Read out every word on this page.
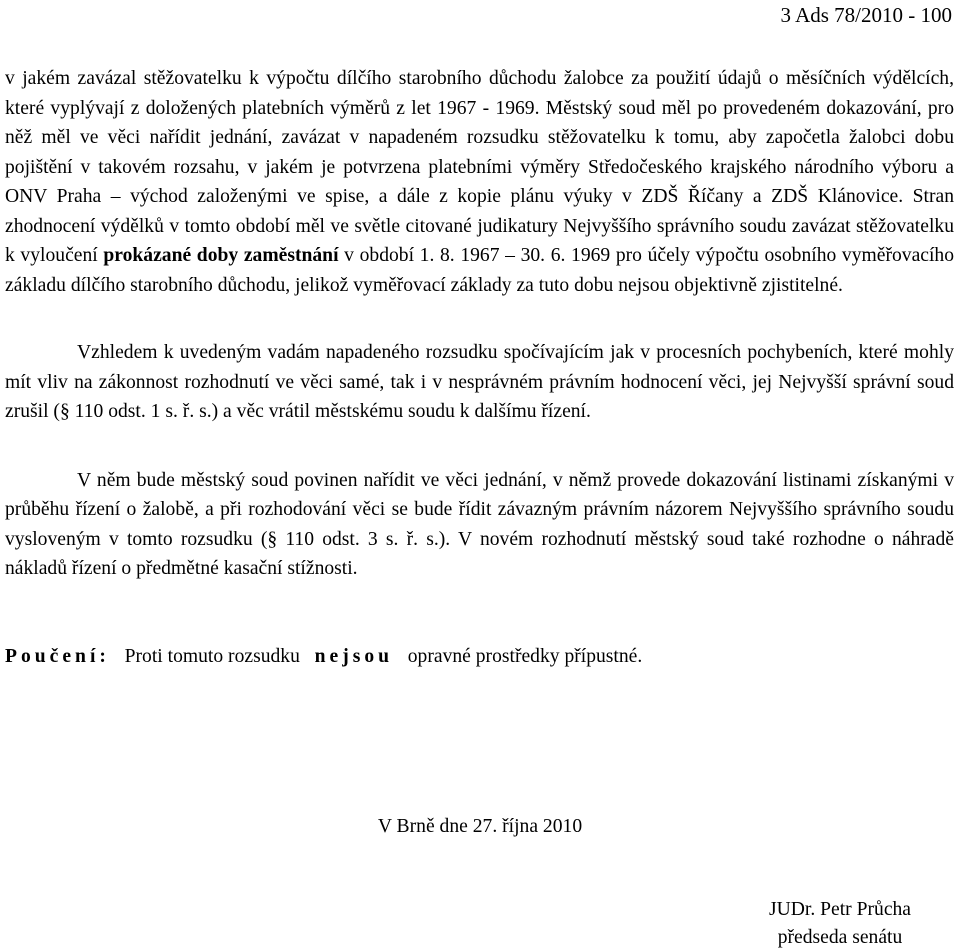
3 Ads 78/2010 - 100

v jakém zavázal stěžovatelku k výpočtu dílčího starobního důchodu žalobce za použití údajů o měsíčních výdělcích, které vyplývají z doložených platebních výměrů z let 1967 - 1969. Městský soud měl po provedeném dokazování, pro něž měl ve věci nařídit jednání, zavázat v napadeném rozsudku stěžovatelku k tomu, aby započetla žalobci dobu pojištění v takovém rozsahu, v jakém je potvrzena platebními výměry Středočeského krajského národního výboru a ONV Praha – východ založenými ve spise, a dále z kopie plánu výuky v ZDŠ Říčany a ZDŠ Klánovice. Stran zhodnocení výdělků v tomto období měl ve světle citované judikatury Nejvyššího správního soudu zavázat stěžovatelku k vyloučení prokázané doby zaměstnání v období 1. 8. 1967 – 30. 6. 1969 pro účely výpočtu osobního vyměřovacího základu dílčího starobního důchodu, jelikož vyměřovací základy za tuto dobu nejsou objektivně zjistitelné.

Vzhledem k uvedeným vadám napadeného rozsudku spočívajícím jak v procesních pochybeních, které mohly mít vliv na zákonnost rozhodnutí ve věci samé, tak i v nesprávném právním hodnocení věci, jej Nejvyšší správní soud zrušil (§ 110 odst. 1 s. ř. s.) a věc vrátil městskému soudu k dalšímu řízení.

V něm bude městský soud povinen nařídit ve věci jednání, v němž provede dokazování listinami získanými v průběhu řízení o žalobě, a při rozhodování věci se bude řídit závazným právním názorem Nejvyššího správního soudu vysloveným v tomto rozsudku (§ 110 odst. 3 s. ř. s.). V novém rozhodnutí městský soud také rozhodne o náhradě nákladů řízení o předmětné kasační stížnosti.

Poučení: Proti tomuto rozsudku nejsou opravné prostředky přípustné.

V Brně dne 27. října 2010
JUDr. Petr Průcha
předseda senátu
